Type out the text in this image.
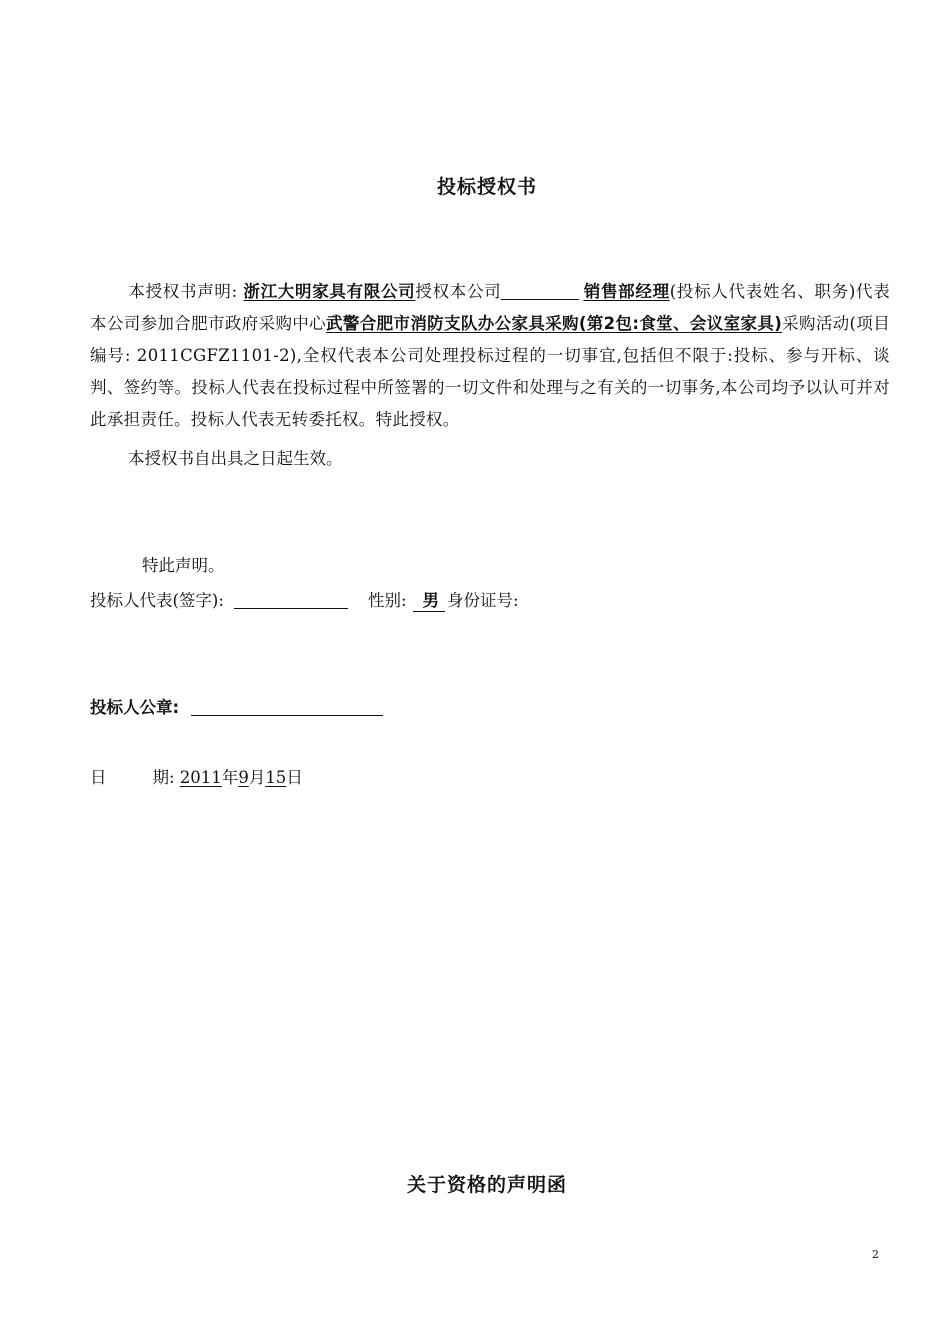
投标授权书
本授权书声明: 浙江大明家具有限公司授权本公司	销售部经理(投标人代表姓名、职务)代表本公司参加合肥市政府采购中心武警合肥市消防支队办公家具采购(第2包:食堂、会议室家具)采购活动(项目编号: 2011CGFZ1101-2),全权代表本公司处理投标过程的一切事宜,包括但不限于:投标、参与开标、谈判、签约等。投标人代表在投标过程中所签署的一切文件和处理与之有关的一切事务,本公司均予以认可并对此承担责任。投标人代表无转委托权。特此授权。
本授权书自出具之日起生效。
特此声明。
投标人代表(签字):	性别: 男 身份证号:
投标人公章:
日	期: 2011年9月15日
关于资格的声明函
2
